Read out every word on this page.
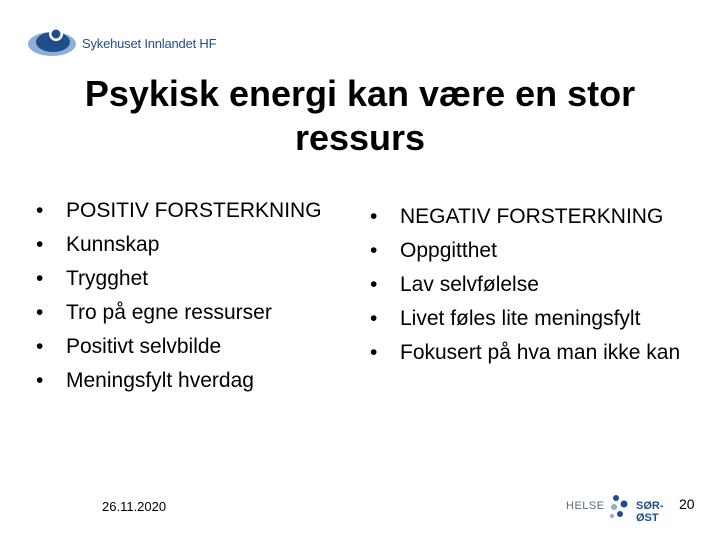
Sykehuset Innlandet HF
Psykisk energi kan være en stor
ressurs
• POSITIV FORSTERKNING
• Kunnskap
• Trygghet
• Tro på egne ressurser
• Positivt selvbilde
• Meningsfylt hverdag
• NEGATIV FORSTERKNING
• Oppgitthet
• Lav selvfølelse
• Livet føles lite meningsfylt
• Fokusert på hva man ikke kan
26.11.2020	HELSE	SØR-ØST
20
